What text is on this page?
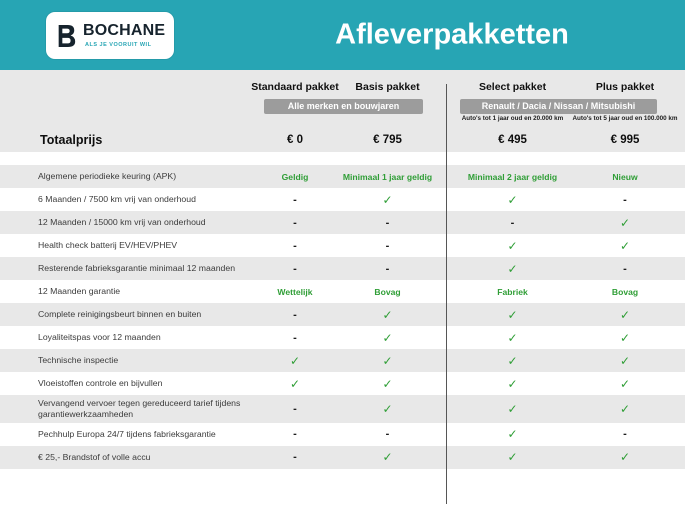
BOCHANE
ALS JE VOORUIT WIL	Afleverpakketten
Standaard pakket	Basis pakket	Select pakket	Plus pakket
Alle merken en bouwjaren	Renault / Dacia / Nissan / Mitsubishi
Auto's tot 1 jaar oud en 20.000 km	Auto's tot 5 jaar oud en 100.000 km
Totaalprijs	€ 0	€ 795	€ 495	€ 995
Algemene periodieke keuring (APK)	Geldig	Minimaal 1 jaar geldig	Minimaal 2 jaar geldig	Nieuw
6 Maanden / 7500 km vrij van onderhoud	-	✓	✓	-
12 Maanden / 15000 km vrij van onderhoud	-	-	-	✓
Health check batterij EV/HEV/PHEV	-	-	✓	✓
Resterende fabrieksgarantie minimaal 12 maanden	-	-	✓	-
12 Maanden garantie	Wettelijk	Bovag	Fabriek	Bovag
Complete reinigingsbeurt binnen en buiten	-	✓	✓	✓
Loyaliteitspas voor 12 maanden	-	✓	✓	✓
Technische inspectie	✓	✓	✓	✓
Vloeistoffen controle en bijvullen	✓	✓	✓	✓
Vervangend vervoer tegen gereduceerd tarief tijdens garantiewerkzaamheden	-	✓	✓	✓
Pechhulp Europa 24/7 tijdens fabrieksgarantie	-	-	✓	-
€ 25,- Brandstof of volle accu	-	✓	✓	✓
